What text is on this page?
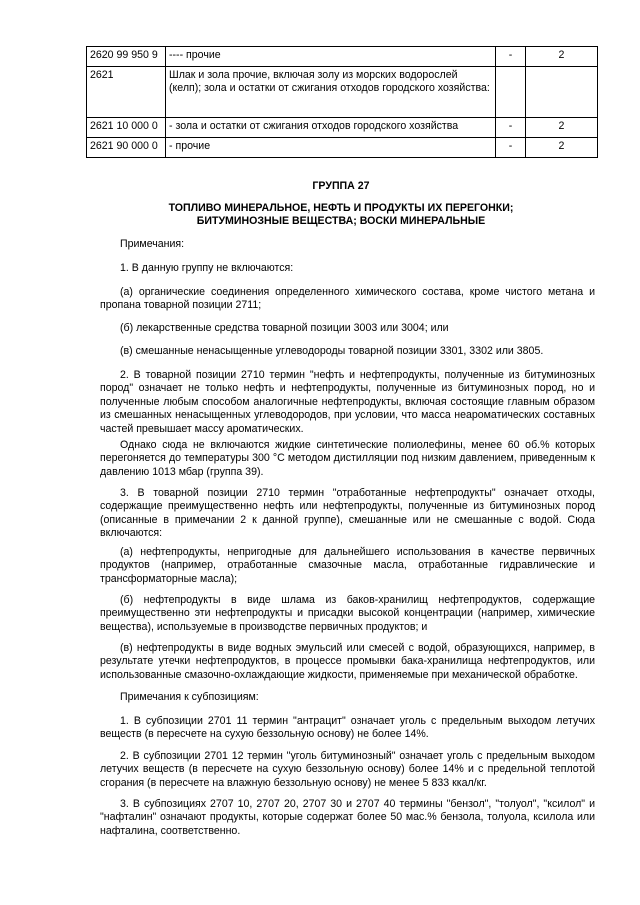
2620 99 950 9	---- прочие	-	2
2621	Шлак и зола прочие, включая золу из морских водорослей (келп); зола и остатки от сжигания отходов городского хозяйства:		
2621 10 000 0	- зола и остатки от сжигания отходов городского хозяйства	-	2
2621 90 000 0	- прочие	-	2
ГРУППА 27
ТОПЛИВО МИНЕРАЛЬНОЕ, НЕФТЬ И ПРОДУКТЫ ИХ ПЕРЕГОНКИ;
БИТУМИНОЗНЫЕ ВЕЩЕСТВА; ВОСКИ МИНЕРАЛЬНЫЕ

Примечания:

1. В данную группу не включаются:

(а) органические соединения определенного химического состава, кроме чистого метана и пропана товарной позиции 2711;

(б) лекарственные средства товарной позиции 3003 или 3004; или

(в) смешанные ненасыщенные углеводороды товарной позиции 3301, 3302 или 3805.

2. В товарной позиции 2710 термин "нефть и нефтепродукты, полученные из битуминозных пород" означает не только нефть и нефтепродукты, полученные из битуминозных пород, но и полученные любым способом аналогичные нефтепродукты, включая состоящие главным образом из смешанных ненасыщенных углеводородов, при условии, что масса неароматических составных частей превышает массу ароматических.

Однако сюда не включаются жидкие синтетические полиолефины, менее 60 об.% которых перегоняется до температуры 300 °С методом дистилляции под низким давлением, приведенным к давлению 1013 мбар (группа 39).

3. В товарной позиции 2710 термин "отработанные нефтепродукты" означает отходы, содержащие преимущественно нефть или нефтепродукты, полученные из битуминозных пород (описанные в примечании 2 к данной группе), смешанные или не смешанные с водой. Сюда включаются:

(а) нефтепродукты, непригодные для дальнейшего использования в качестве первичных продуктов (например, отработанные смазочные масла, отработанные гидравлические и трансформаторные масла);

(б) нефтепродукты в виде шлама из баков-хранилищ нефтепродуктов, содержащие преимущественно эти нефтепродукты и присадки высокой концентрации (например, химические вещества), используемые в производстве первичных продуктов; и

(в) нефтепродукты в виде водных эмульсий или смесей с водой, образующихся, например, в результате утечки нефтепродуктов, в процессе промывки бака-хранилища нефтепродуктов, или использованные смазочно-охлаждающие жидкости, применяемые при механической обработке.

Примечания к субпозициям:

1. В субпозиции 2701 11 термин "антрацит" означает уголь с предельным выходом летучих веществ (в пересчете на сухую беззольную основу) не более 14%.

2. В субпозиции 2701 12 термин "уголь битуминозный" означает уголь с предельным выходом летучих веществ (в пересчете на сухую беззольную основу) более 14% и с предельной теплотой сгорания (в пересчете на влажную беззольную основу) не менее 5 833 ккал/кг.

3. В субпозициях 2707 10, 2707 20, 2707 30 и 2707 40 термины "бензол", "толуол", "ксилол" и "нафталин" означают продукты, которые содержат более 50 мас.% бензола, толуола, ксилола или нафталина, соответственно.
